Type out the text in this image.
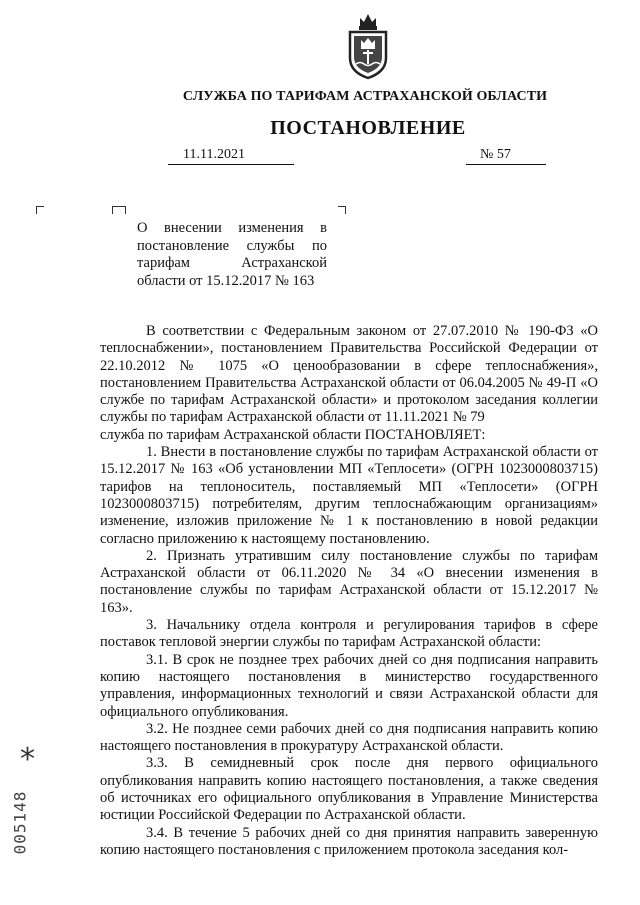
СЛУЖБА ПО ТАРИФАМ АСТРАХАНСКОЙ ОБЛАСТИ
ПОСТАНОВЛЕНИЕ
11.11.2021	№ 57
О внесении изменения в постановление службы по тарифам Астраханской области от 15.12.2017 № 163

В соответствии с Федеральным законом от 27.07.2010 № 190-ФЗ «О теплоснабжении», постановлением Правительства Российской Федерации от 22.10.2012 № 1075 «О ценообразовании в сфере теплоснабжения», постановлением Правительства Астраханской области от 06.04.2005 № 49-П «О службе по тарифам Астраханской области» и протоколом заседания коллегии службы по тарифам Астраханской области от 11.11.2021 № 79

служба по тарифам Астраханской области ПОСТАНОВЛЯЕТ:

1. Внести в постановление службы по тарифам Астраханской области от 15.12.2017 № 163 «Об установлении МП «Теплосети» (ОГРН 1023000803715) тарифов на теплоноситель, поставляемый МП «Теплосети» (ОГРН 1023000803715) потребителям, другим теплоснабжающим организациям» изменение, изложив приложение № 1 к постановлению в новой редакции согласно приложению к настоящему постановлению.

2. Признать утратившим силу постановление службы по тарифам Астраханской области от 06.11.2020 № 34 «О внесении изменения в постановление службы по тарифам Астраханской области от 15.12.2017 № 163».

3. Начальнику отдела контроля и регулирования тарифов в сфере поставок тепловой энергии службы по тарифам Астраханской области:

3.1. В срок не позднее трех рабочих дней со дня подписания направить копию настоящего постановления в министерство государственного управления, информационных технологий и связи Астраханской области для официального опубликования.

3.2. Не позднее семи рабочих дней со дня подписания направить копию настоящего постановления в прокуратуру Астраханской области.

3.3. В семидневный срок после дня первого официального опубликования направить копию настоящего постановления, а также сведения об источниках его официального опубликования в Управление Министерства юстиции Российской Федерации по Астраханской области.

3.4. В течение 5 рабочих дней со дня принятия направить заверенную копию настоящего постановления с приложением протокола заседания кол-

*
005148
